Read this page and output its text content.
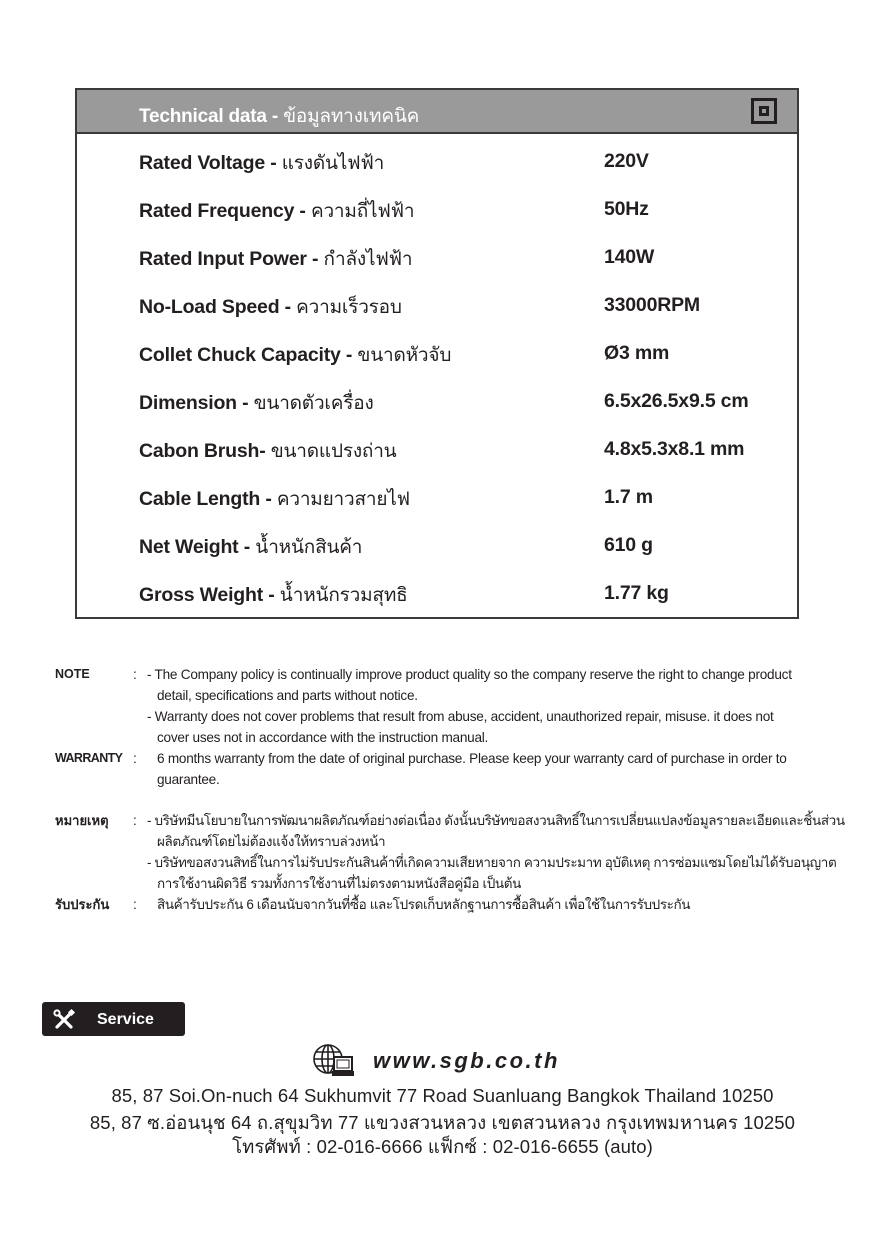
Technical data - ข้อมูลทางเทคนิค
Rated Voltage - แรงดันไฟฟ้า	220V
Rated Frequency - ความถี่ไฟฟ้า	50Hz
Rated Input Power - กำลังไฟฟ้า	140W
No-Load Speed - ความเร็วรอบ	33000RPM
Collet Chuck Capacity - ขนาดหัวจับ	Ø3 mm
Dimension - ขนาดตัวเครื่อง	6.5x26.5x9.5 cm
Cabon Brush- ขนาดแปรงถ่าน	4.8x5.3x8.1 mm
Cable Length - ความยาวสายไฟ	1.7 m
Net Weight - น้ำหนักสินค้า	610 g
Gross Weight - น้ำหนักรวมสุทธิ	1.77 kg
NOTE	: - The Company policy is continually improve product quality so the company reserve the right to change product
detail, specifications and parts without notice.
- Warranty does not cover problems that result from abuse, accident, unauthorized repair, misuse. it does not
cover uses not in accordance with the instruction manual.
WARRANTY : 6 months warranty from the date of original purchase. Please keep your warranty card of purchase in order to
guarantee.
หมายเหตุ : - บริษัทมีนโยบายในการพัฒนาผลิตภัณฑ์อย่างต่อเนื่อง ดังนั้นบริษัทขอสงวนสิทธิ์ในการเปลี่ยนแปลงข้อมูลรายละเอียดและชิ้นส่วน
ผลิตภัณฑ์โดยไม่ต้องแจ้งให้ทราบล่วงหน้า
- บริษัทขอสงวนสิทธิ์ในการไม่รับประกันสินค้าที่เกิดความเสียหายจาก ความประมาท อุบัติเหตุ การซ่อมแซมโดยไม่ได้รับอนุญาต
การใช้งานผิดวิธี รวมทั้งการใช้งานที่ไม่ตรงตามหนังสือคู่มือ เป็นต้น
รับประกัน : สินค้ารับประกัน 6 เดือนนับจากวันที่ซื้อ และโปรดเก็บหลักฐานการซื้อสินค้า เพื่อใช้ในการรับประกัน
Service
www.sgb.co.th
85, 87 Soi.On-nuch 64 Sukhumvit 77 Road Suanluang Bangkok Thailand 10250
85, 87 ซ.อ่อนนุช 64 ถ.สุขุมวิท 77 แขวงสวนหลวง เขตสวนหลวง กรุงเทพมหานคร 10250
โทรศัพท์ : 02-016-6666 แฟ็กซ์ : 02-016-6655 (auto)
